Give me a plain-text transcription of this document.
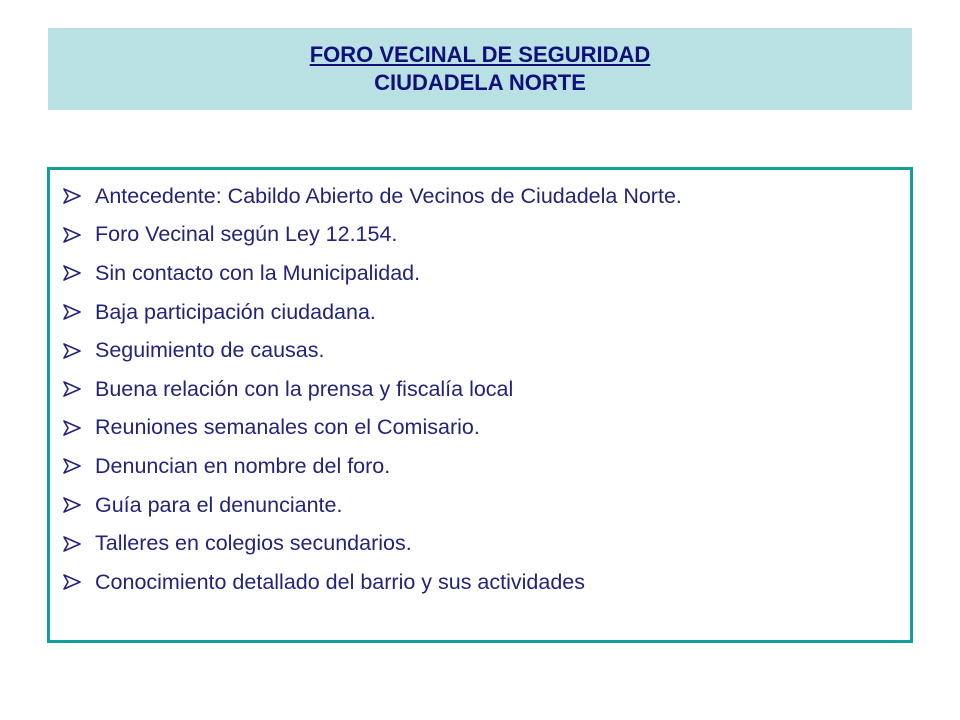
FORO VECINAL DE SEGURIDAD
CIUDADELA NORTE
Antecedente: Cabildo Abierto de Vecinos de Ciudadela Norte.
Foro Vecinal según Ley 12.154.
Sin contacto con la Municipalidad.
Baja participación ciudadana.
Seguimiento de causas.
Buena relación con la prensa y fiscalía local
Reuniones semanales con el Comisario.
Denuncian en nombre del foro.
Guía para el denunciante.
Talleres en colegios secundarios.
Conocimiento detallado del barrio y sus actividades
